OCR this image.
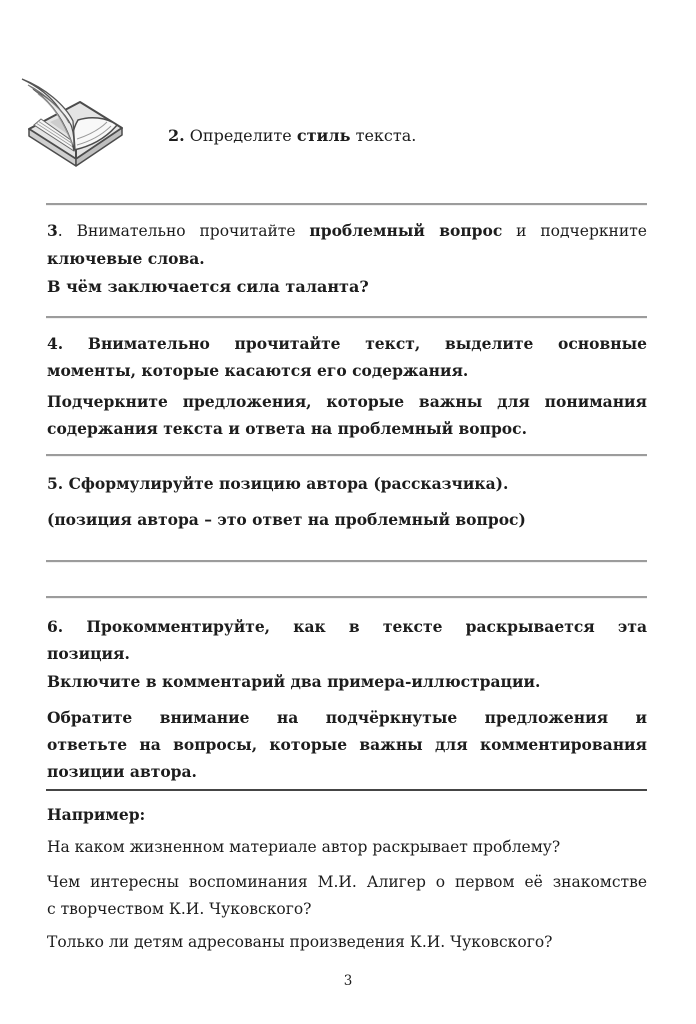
2. Определите стиль текста.

3. Внимательно прочитайте проблемный вопрос и подчеркните
ключевые слова.

В чём заключается сила таланта?

4. Внимательно прочитайте текст, выделите основные
моменты, которые касаются его содержания.
Подчеркните предложения, которые важны для понимания
содержания текста и ответа на проблемный вопрос.

5. Сформулируйте позицию автора (рассказчика).

(позиция автора – это ответ на проблемный вопрос)

6. Прокомментируйте, как в тексте раскрывается эта
позиция.

Включите в комментарий два примера-иллюстрации.

Обратите внимание на подчёркнутые предложения и
ответьте на вопросы, которые важны для комментирования
позиции автора.

Например:

На каком жизненном материале автор раскрывает проблему?

Чем интересны воспоминания М.И. Алигер о первом её знакомстве
с творчеством К.И. Чуковского?

Только ли детям адресованы произведения К.И. Чуковского?

3
